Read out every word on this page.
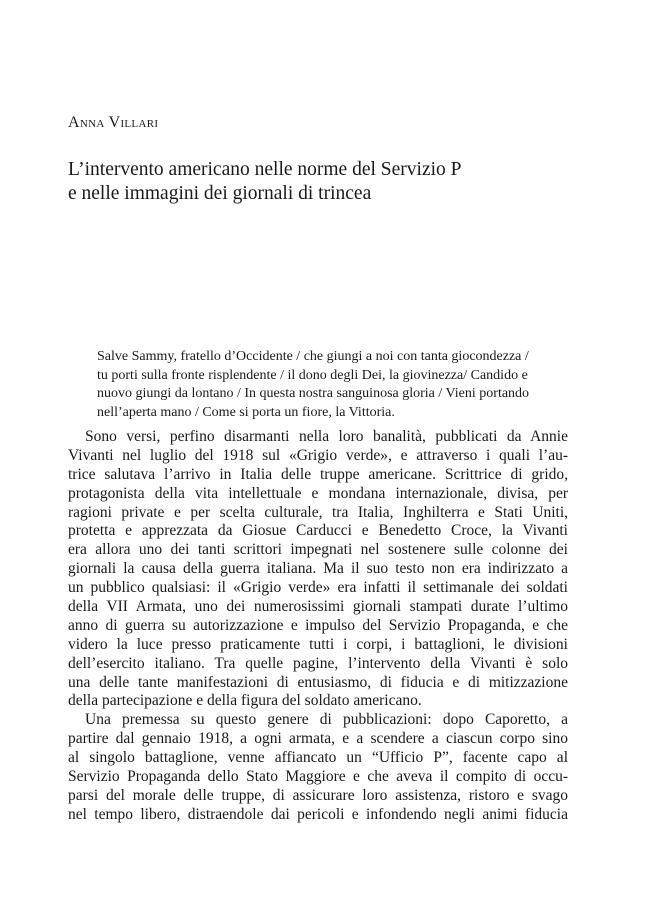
Anna Villari

L’intervento americano nelle norme del Servizio P
e nelle immagini dei giornali di trincea
Salve Sammy, fratello d’Occidente / che giungi a noi con tanta giocondezza /
tu porti sulla fronte risplendente / il dono degli Dei, la giovinezza/ Candido e
nuovo giungi da lontano / In questa nostra sanguinosa gloria / Vieni portando
nell’aperta mano / Come si porta un fiore, la Vittoria.

Sono versi, perfino disarmanti nella loro banalità, pubblicati da Annie
Vivanti nel luglio del 1918 sul «Grigio verde», e attraverso i quali l’au-
trice salutava l’arrivo in Italia delle truppe americane. Scrittrice di grido,
protagonista della vita intellettuale e mondana internazionale, divisa, per
ragioni private e per scelta culturale, tra Italia, Inghilterra e Stati Uniti,
protetta e apprezzata da Giosue Carducci e Benedetto Croce, la Vivanti
era allora uno dei tanti scrittori impegnati nel sostenere sulle colonne dei
giornali la causa della guerra italiana. Ma il suo testo non era indirizzato a
un pubblico qualsiasi: il «Grigio verde» era infatti il settimanale dei soldati
della VII Armata, uno dei numerosissimi giornali stampati durate l’ultimo
anno di guerra su autorizzazione e impulso del Servizio Propaganda, e che
videro la luce presso praticamente tutti i corpi, i battaglioni, le divisioni
dell’esercito italiano. Tra quelle pagine, l’intervento della Vivanti è solo
una delle tante manifestazioni di entusiasmo, di fiducia e di mitizzazione
della partecipazione e della figura del soldato americano.

Una premessa su questo genere di pubblicazioni: dopo Caporetto, a
partire dal gennaio 1918, a ogni armata, e a scendere a ciascun corpo sino
al singolo battaglione, venne affiancato un “Ufficio P”, facente capo al
Servizio Propaganda dello Stato Maggiore e che aveva il compito di occu-
parsi del morale delle truppe, di assicurare loro assistenza, ristoro e svago
nel tempo libero, distraendole dai pericoli e infondendo negli animi fiducia
